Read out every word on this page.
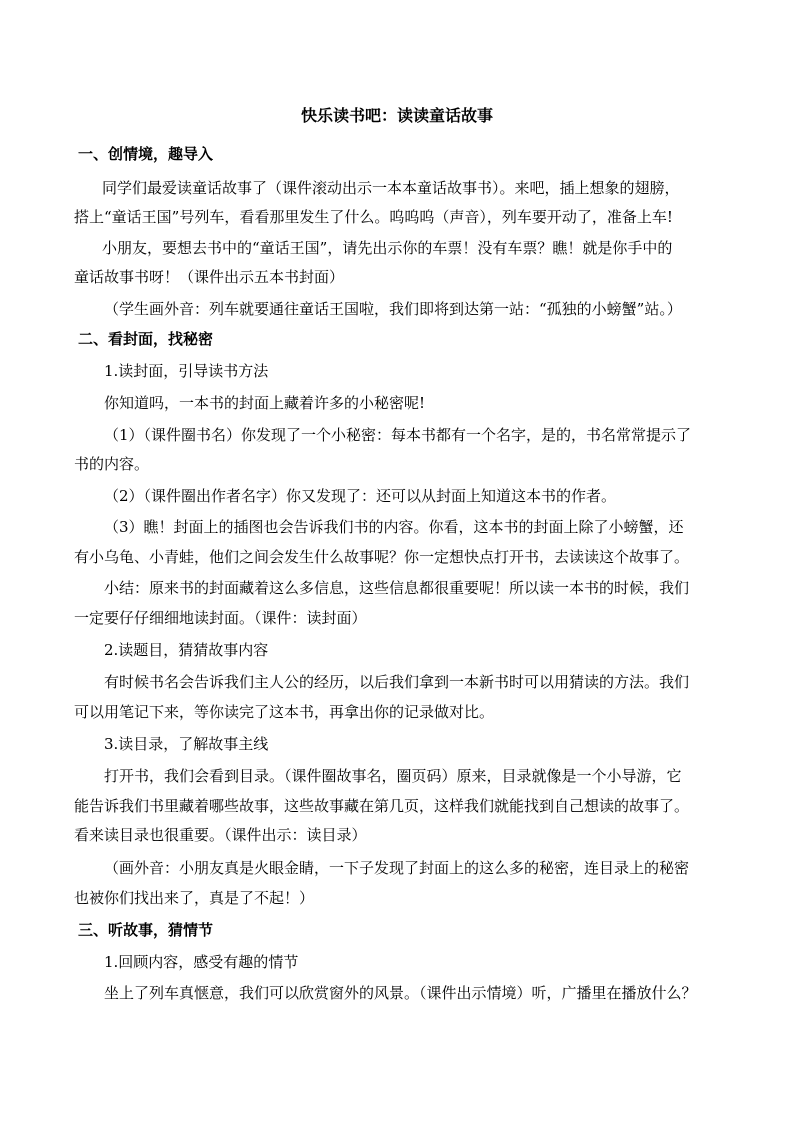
快乐读书吧：读读童话故事
一、创情境，趣导入
同学们最爱读童话故事了（课件滚动出示一本本童话故事书）。来吧，插上想象的翅膀，
搭上“童话王国”号列车，看看那里发生了什么。呜呜呜（声音），列车要开动了，准备上车!
小朋友，要想去书中的“童话王国”，请先出示你的车票！没有车票？瞧！就是你手中的
童话故事书呀！（课件出示五本书封面）
（学生画外音：列车就要通往童话王国啦，我们即将到达第一站：“孤独的小螃蟹”站。）
二、看封面，找秘密
1.读封面，引导读书方法
你知道吗，一本书的封面上藏着许多的小秘密呢!
（1）（课件圈书名）你发现了一个小秘密：每本书都有一个名字，是的，书名常常提示了
书的内容。
（2）（课件圈出作者名字）你又发现了：还可以从封面上知道这本书的作者。
（3）瞧！封面上的插图也会告诉我们书的内容。你看，这本书的封面上除了小螃蟹，还
有小乌龟、小青蛙，他们之间会发生什么故事呢？你一定想快点打开书，去读读这个故事了。
小结：原来书的封面藏着这么多信息，这些信息都很重要呢！所以读一本书的时候，我们
一定要仔仔细细地读封面。（课件：读封面）
2.读题目，猜猜故事内容
有时候书名会告诉我们主人公的经历，以后我们拿到一本新书时可以用猜读的方法。我们
可以用笔记下来，等你读完了这本书，再拿出你的记录做对比。
3.读目录，了解故事主线
打开书，我们会看到目录。（课件圈故事名，圈页码）原来，目录就像是一个小导游，它
能告诉我们书里藏着哪些故事，这些故事藏在第几页，这样我们就能找到自己想读的故事了。
看来读目录也很重要。（课件出示：读目录）
（画外音：小朋友真是火眼金睛，一下子发现了封面上的这么多的秘密，连目录上的秘密
也被你们找出来了，真是了不起！）
三、听故事，猜情节
1.回顾内容，感受有趣的情节
坐上了列车真惬意，我们可以欣赏窗外的风景。（课件出示情境）听，广播里在播放什么？
